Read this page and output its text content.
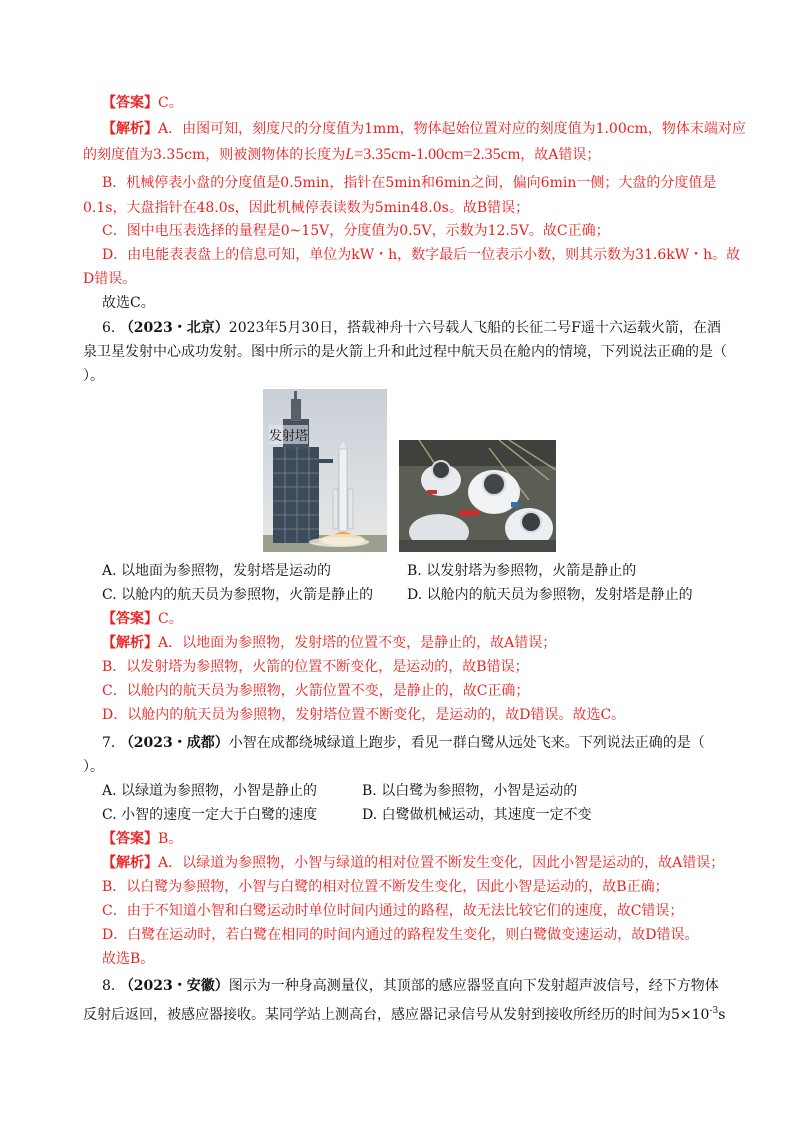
【答案】C。
【解析】A．由图可知，刻度尺的分度值为1mm，物体起始位置对应的刻度值为1.00cm，物体末端对应
的刻度值为3.35cm，则被测物体的长度为L=3.35cm-1.00cm=2.35cm，故A错误；
B．机械停表小盘的分度值是0.5min，指针在5min和6min之间，偏向6min一侧；大盘的分度值是
0.1s，大盘指针在48.0s，因此机械停表读数为5min48.0s。故B错误；
C．图中电压表选择的量程是0~15V，分度值为0.5V，示数为12.5V。故C正确；
D．由电能表表盘上的信息可知，单位为kW・h，数字最后一位表示小数，则其示数为31.6kW・h。故
D错误。
故选C。
6. （2023・北京）2023年5月30日，搭载神舟十六号载人飞船的长征二号F遥十六运载火箭，在酒
泉卫星发射中心成功发射。图中所示的是火箭上升和此过程中航天员在舱内的情境，下列说法正确的是（
）。
发射塔
A. 以地面为参照物，发射塔是运动的	B. 以发射塔为参照物，火箭是静止的
C. 以舱内的航天员为参照物，火箭是静止的 D. 以舱内的航天员为参照物，发射塔是静止的
【答案】C。
【解析】A．以地面为参照物，发射塔的位置不变，是静止的，故A错误；
B．以发射塔为参照物，火箭的位置不断变化，是运动的，故B错误；
C．以舱内的航天员为参照物，火箭位置不变，是静止的，故C正确；
D．以舱内的航天员为参照物，发射塔位置不断变化，是运动的，故D错误。故选C。
7. （2023・成都）小智在成都绕城绿道上跑步，看见一群白鹭从远处飞来。下列说法正确的是（
）。
A. 以绿道为参照物，小智是静止的	B. 以白鹭为参照物，小智是运动的
C. 小智的速度一定大于白鹭的速度	D. 白鹭做机械运动，其速度一定不变
【答案】B。
【解析】A．以绿道为参照物，小智与绿道的相对位置不断发生变化，因此小智是运动的，故A错误；
B．以白鹭为参照物，小智与白鹭的相对位置不断发生变化，因此小智是运动的，故B正确；
C．由于不知道小智和白鹭运动时单位时间内通过的路程，故无法比较它们的速度，故C错误；
D．白鹭在运动时，若白鹭在相同的时间内通过的路程发生变化，则白鹭做变速运动，故D错误。
故选B。
8. （2023・安徽）图示为一种身高测量仪，其顶部的感应器竖直向下发射超声波信号，经下方物体
反射后返回，被感应器接收。某同学站上测高台，感应器记录信号从发射到接收所经历的时间为$5\times 10^{-3}s$
